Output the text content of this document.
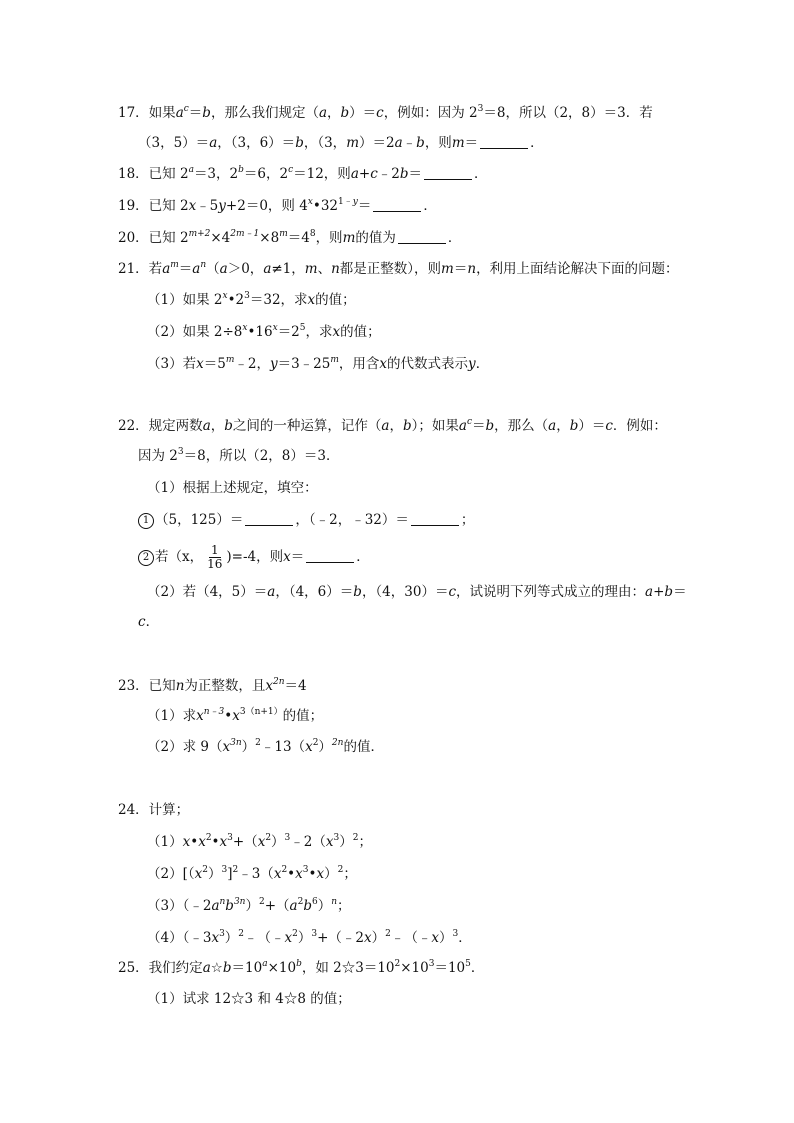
17．如果$a^c=b$，那么我们规定（a，b）＝c，例如：因为 $2^3=8$，所以（2，8）＝3．若
（3，5）＝a，（3，6）＝b，（3，m）＝2a﹣b，则m＝	．
18．已知 $2^a=3$，$2^b=6$，$2^c=12$，则a+c﹣2b＝	．
19．已知 2x﹣5y+2＝0，则 $4^x•32^{1﹣y}=$	．
20．已知 $2^{m+2}\times 4^{2m﹣1}\times 8^m=4^8$，则m的值为	．
21．若$a^m=a^n(a>0$，a≠1，m、n都是正整数），则m＝n，利用上面结论解决下面的问题：
（1）如果 $2^x•2^3=32$，求x的值；
（2）如果 $2\div 8^x•16^x=2^5$，求x的值；
（3）若$x=5^m﹣2$，$y=3﹣25^m$，用含x的代数式表示y．
22．规定两数a，b之间的一种运算，记作（a，b）；如果$a^c=b$，那么（a，b）＝c．例如：
因为 $2^3=8$，所以（2，8）＝3．
（1）根据上述规定，填空：
1 （5，125）＝	，（﹣2，﹣32）＝	；
2 若（x， $\frac{1}{16} )=-4$，则x＝	．
（2）若（4，5）＝a，（4，6）＝b，（4，30）＝c，试说明下列等式成立的理由：a+b＝
c．
23．已知n为正整数，且$x^{2n}=4$
（1）求$x^{n﹣3}•x^{3(n+1)}$的值；
（2）求 $9(x^{3n})^2﹣13(x^2)^{2n}$的值．
24．计算；
$(1)x•x^2•x^3+(x^2)^3﹣2(x^3)^2$；
$(2)[(x^2)^3]^2﹣3(x^2•x^3•x)^2$；
$(3)(﹣2a^nb^{3n})^2+(a^2b^6)^n$；
$(4)(﹣3x^3)^2﹣(﹣x^2)^3+(﹣2x)^2﹣(﹣x)^3$．
25．我们约定$a☆b=10^a\times 10^b$，如 $2☆3=10^2\times 10^3=10^5$．
（1）试求 12☆3 和 4☆8 的值；
